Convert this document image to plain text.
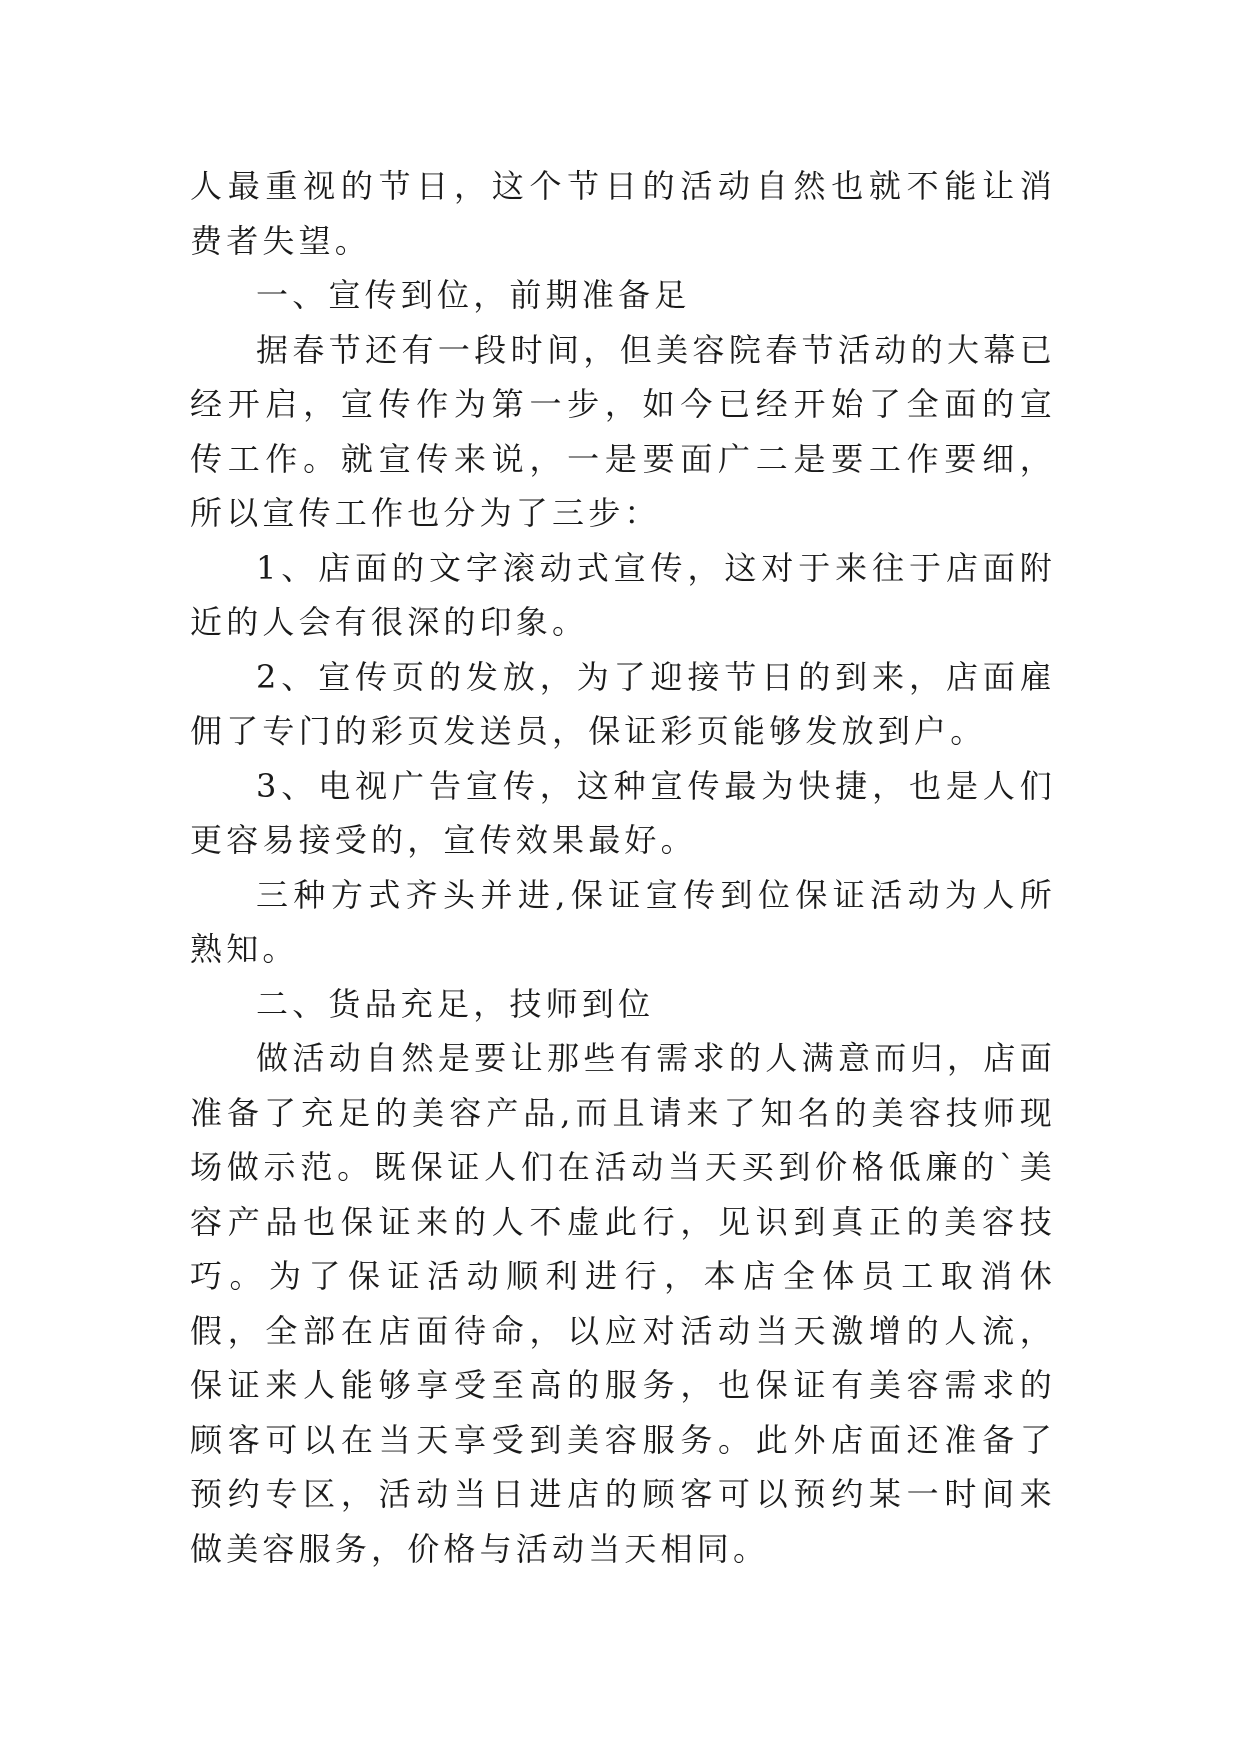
人最重视的节日，这个节日的活动自然也就不能让消费者失望。

一、宣传到位，前期准备足

据春节还有一段时间，但美容院春节活动的大幕已经开启，宣传作为第一步，如今已经开始了全面的宣传工作。就宣传来说，一是要面广二是要工作要细，所以宣传工作也分为了三步：

1、店面的文字滚动式宣传，这对于来往于店面附近的人会有很深的印象。

2、宣传页的发放，为了迎接节日的到来，店面雇佣了专门的彩页发送员，保证彩页能够发放到户。

3、电视广告宣传，这种宣传最为快捷，也是人们更容易接受的，宣传效果最好。

三种方式齐头并进,保证宣传到位保证活动为人所熟知。

二、货品充足，技师到位

做活动自然是要让那些有需求的人满意而归，店面准备了充足的美容产品,而且请来了知名的美容技师现场做示范。既保证人们在活动当天买到价格低廉的`美容产品也保证来的人不虚此行，见识到真正的美容技巧。为了保证活动顺利进行，本店全体员工取消休假，全部在店面待命，以应对活动当天激增的人流，保证来人能够享受至高的服务，也保证有美容需求的顾客可以在当天享受到美容服务。此外店面还准备了预约专区，活动当日进店的顾客可以预约某一时间来做美容服务，价格与活动当天相同。
